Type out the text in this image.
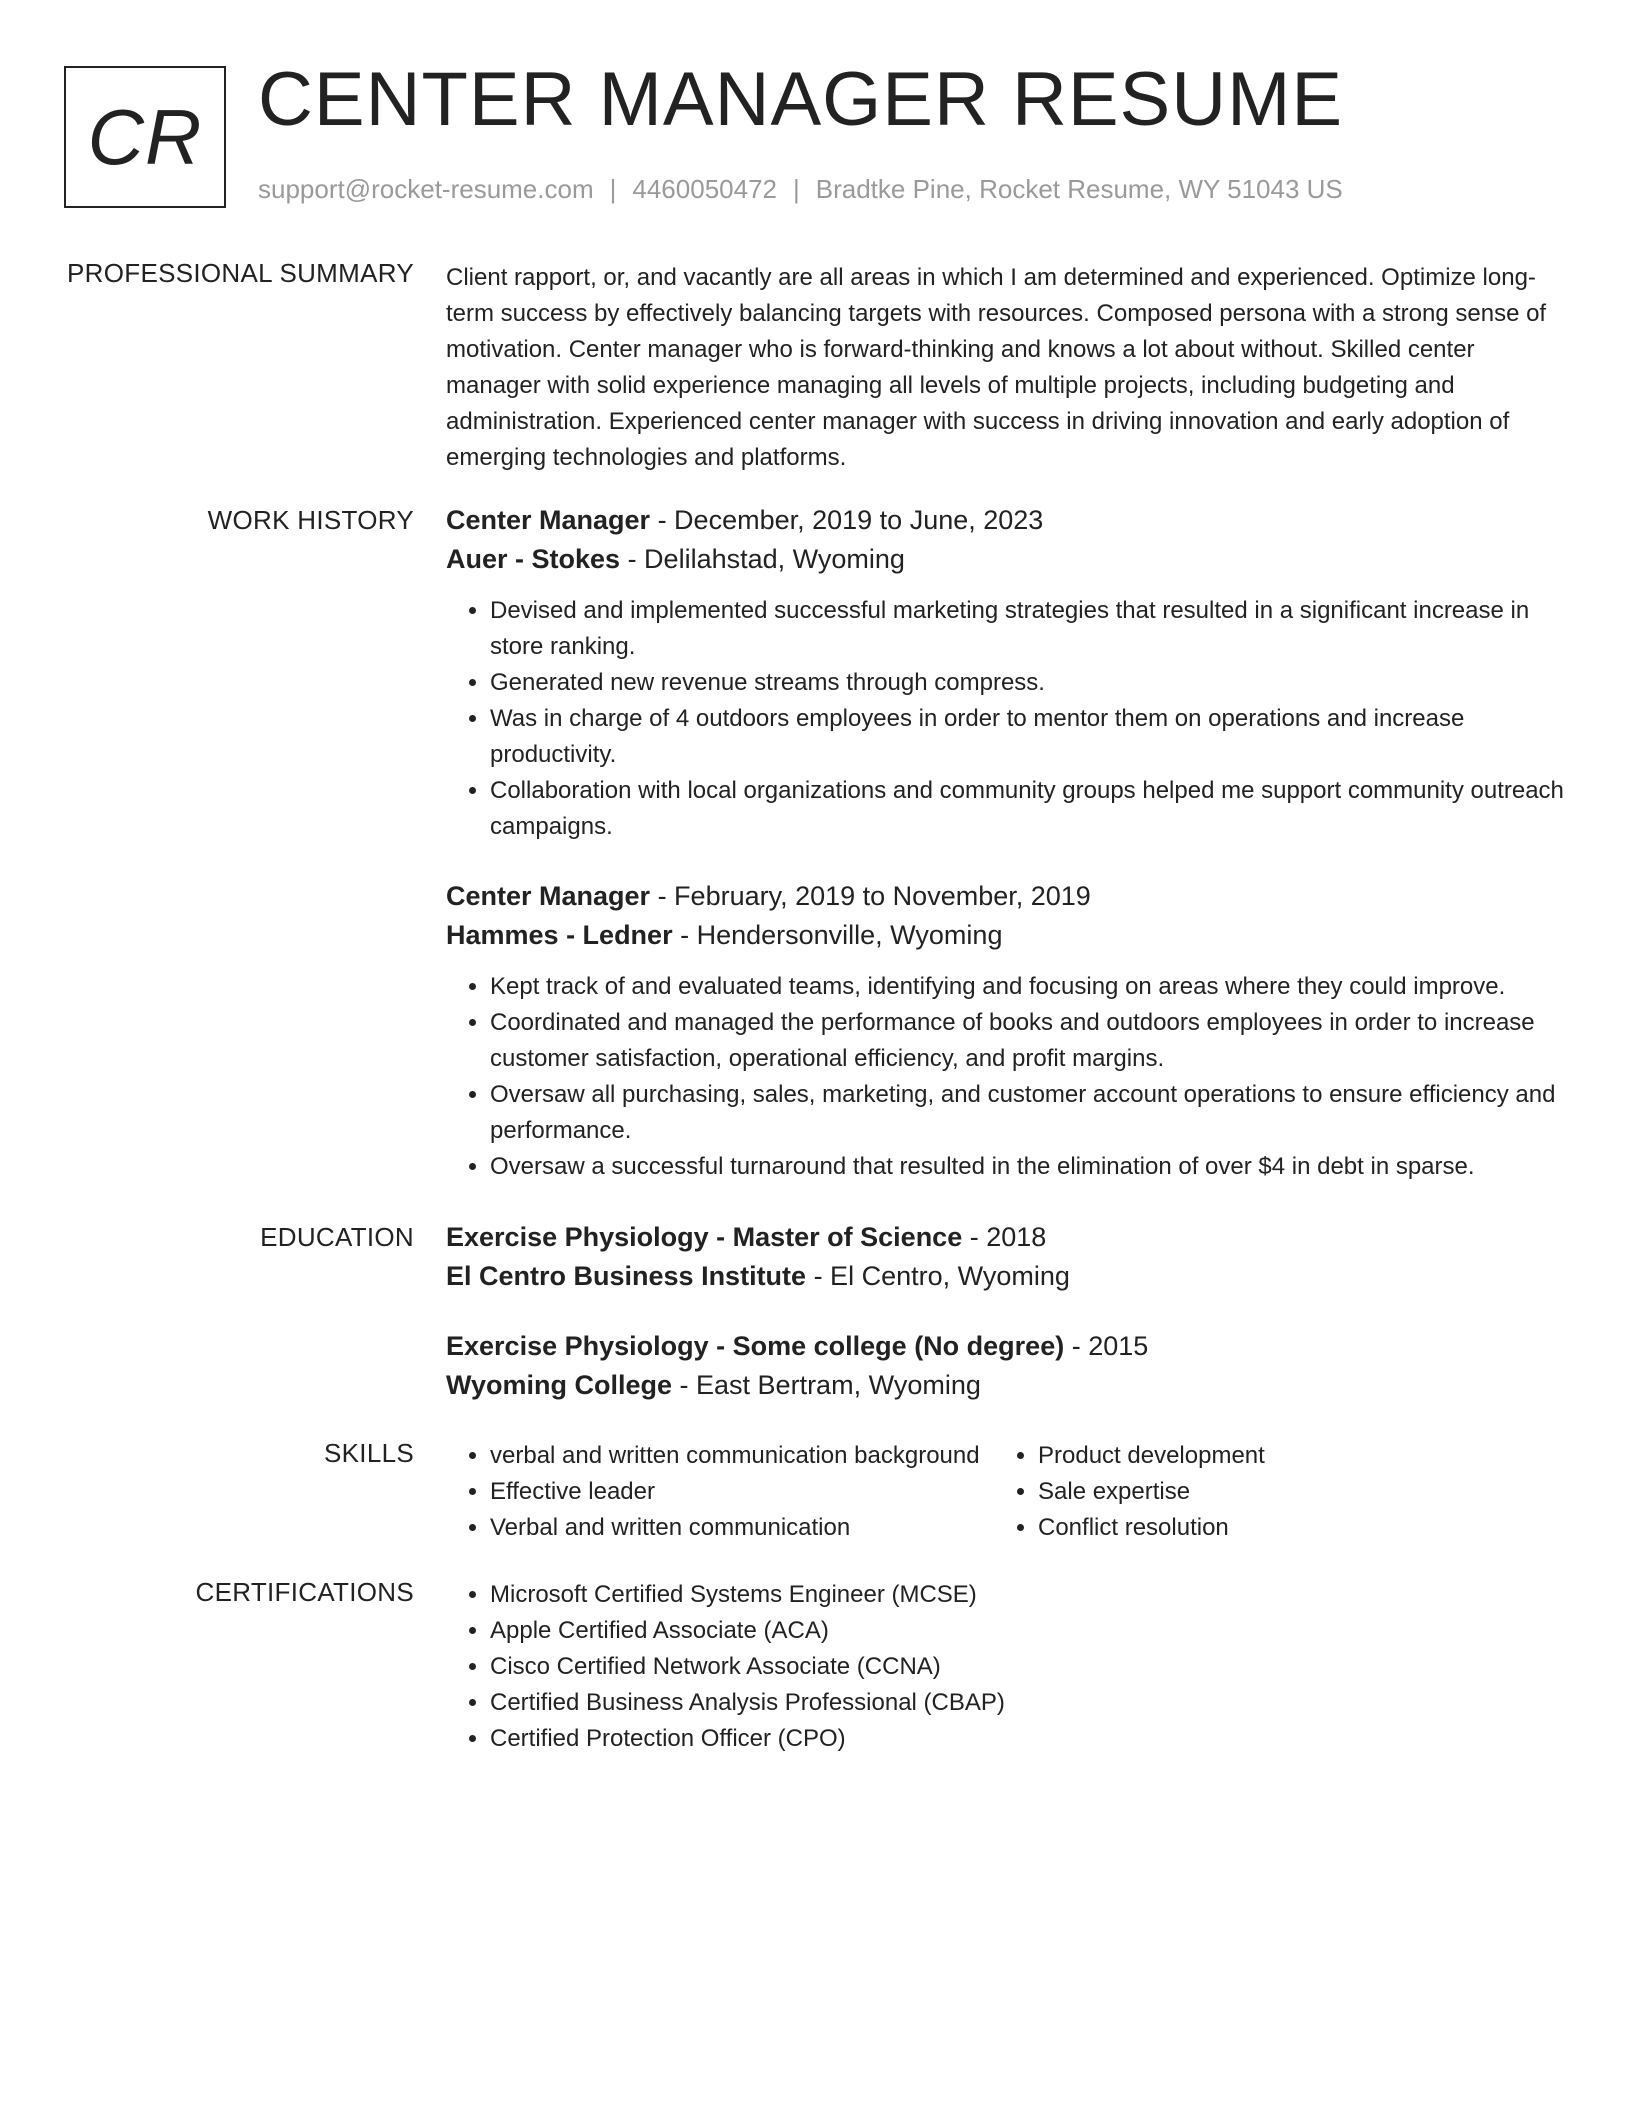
CR CENTER MANAGER RESUME
support@rocket-resume.com | 4460050472 | Bradtke Pine, Rocket Resume, WY 51043 US
PROFESSIONAL SUMMARY Client rapport, or, and vacantly are all areas in which I am determined and experienced. Optimize long-term success by effectively balancing targets with resources. Composed persona with a strong sense of motivation. Center manager who is forward-thinking and knows a lot about without. Skilled center manager with solid experience managing all levels of multiple projects, including budgeting and administration. Experienced center manager with success in driving innovation and early adoption of emerging technologies and platforms.

WORK HISTORY Center Manager - December, 2019 to June, 2023
Auer - Stokes - Delilahstad, Wyoming
• Devised and implemented successful marketing strategies that resulted in a significant increase in store ranking.
• Generated new revenue streams through compress.
• Was in charge of 4 outdoors employees in order to mentor them on operations and increase productivity.
• Collaboration with local organizations and community groups helped me support community outreach campaigns.
Center Manager - February, 2019 to November, 2019
Hammes - Ledner - Hendersonville, Wyoming
• Kept track of and evaluated teams, identifying and focusing on areas where they could improve.
• Coordinated and managed the performance of books and outdoors employees in order to increase customer satisfaction, operational efficiency, and profit margins.
• Oversaw all purchasing, sales, marketing, and customer account operations to ensure efficiency and performance.
• Oversaw a successful turnaround that resulted in the elimination of over $4 in debt in sparse.
EDUCATION Exercise Physiology - Master of Science - 2018
El Centro Business Institute - El Centro, Wyoming
Exercise Physiology - Some college (No degree) - 2015
Wyoming College - East Bertram, Wyoming
SKILLS	• verbal and written communication background
• Effective leader
• Verbal and written communication
• Product development
• Sale expertise
• Conflict resolution
CERTIFICATIONS	• Microsoft Certified Systems Engineer (MCSE)
• Apple Certified Associate (ACA)
• Cisco Certified Network Associate (CCNA)
• Certified Business Analysis Professional (CBAP)
• Certified Protection Officer (CPO)
